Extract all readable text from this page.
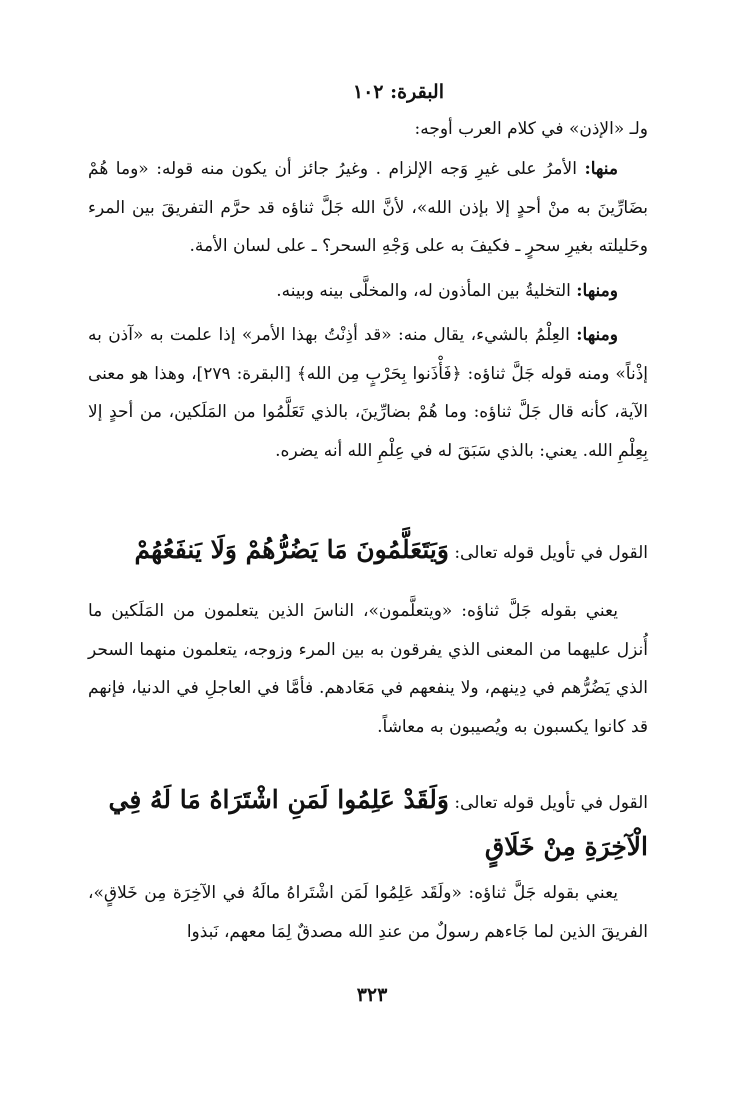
البقرة: ١٠٢

ولـ «الإذن» في كلام العرب أوجه:

منها: الأمرُ على غيرِ وَجه الإلزام . وغيرُ جائز أن يكون منه قوله: «وما هُمْ بضَارِّينَ به منْ أحدٍ إلا بإذن الله»، لأنَّ الله جَلَّ ثناؤه قد حرَّم التفريقَ بين المرء وحَليلته بغيرِ سحرٍ ـ فكيفَ به على وَجْهِ السحر؟ ـ على لسان الأمة.

ومنها: التخليةُ بين المأذون له، والمخلَّى بينه وبينه.

ومنها: العِلْمُ بالشيء، يقال منه: «قد أذِنْتُ بهذا الأمر» إذا علمت به «آذن به إذْناً» ومنه قوله جَلَّ ثناؤه: ﴿فَأْذَنوا بِحَرْبٍ مِن الله﴾ [البقرة: ٢٧٩]، وهذا هو معنى الآية، كأنه قال جَلَّ ثناؤه: وما هُمْ بضارِّينَ، بالذي تَعَلَّمُوا من المَلَكين، من أحدٍ إلا بِعِلْمِ الله. يعني: بالذي سَبَقَ له في عِلْمِ الله أنه يضره.

القول في تأويل قوله تعالى: وَيَتَعَلَّمُونَ مَا يَضُرُّهُمْ وَلَا يَنفَعُهُمْ

يعني بقوله جَلَّ ثناؤه: «ويتعلَّمون»، الناسَ الذين يتعلمون من المَلَكين ما أُنزل عليهما من المعنى الذي يفرقون به بين المرء وزوجه، يتعلمون منهما السحر الذي يَضُرُّهم في دِينهم، ولا ينفعهم في مَعَادهم. فأمَّا في العاجلِ في الدنيا، فإنهم قد كانوا يكسبون به ويُصيبون به معاشاً.

القول في تأويل قوله تعالى: وَلَقَدْ عَلِمُوا لَمَنِ اشْتَرَاهُ مَا لَهُ فِي الْآخِرَةِ مِنْ خَلَاقٍ

يعني بقوله جَلَّ ثناؤه: «ولَقَد عَلِمُوا لَمَن اشْتَراهُ مالَهُ في الآخِرَة مِن خَلاقٍ»، الفريقَ الذين لما جَاءهم رسولٌ من عندِ الله مصدقٌ لِمَا معهم، نَبذوا

٣٢٣
